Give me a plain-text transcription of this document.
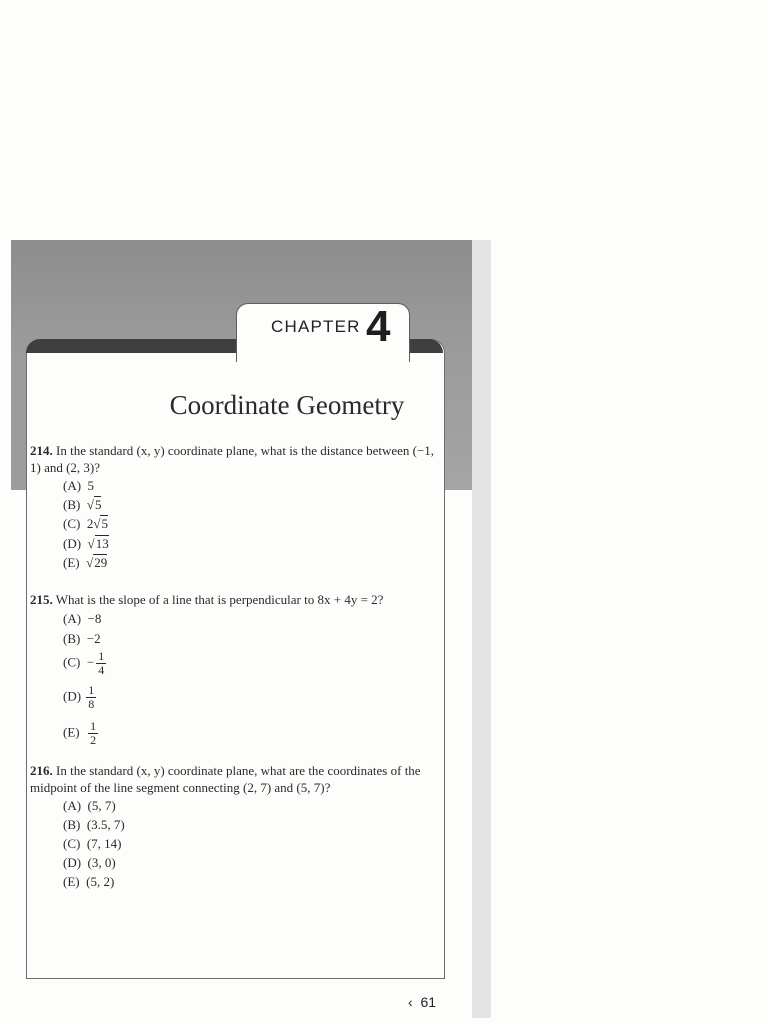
CHAPTER 4
Coordinate Geometry
214. In the standard (x, y) coordinate plane, what is the distance between (−1, 1) and (2, 3)?
(A) 5
(B)  √5
(C) 2√5
(D)  √13
(E)  √29
215. What is the slope of a line that is perpendicular to 8x + 4y = 2?
(A) −8
(B) −2
$(C) - \frac{1}{4}$
$(D) \frac{1}{8}$
$(E) \frac{1}{2}$
216. In the standard (x, y) coordinate plane, what are the coordinates of the midpoint of the line segment connecting (2, 7) and (5, 7)?
(A) (5, 7)
(B) (3.5, 7)
(C) (7, 14)
(D) (3, 0)
(E) (5, 2)
‹ 61
